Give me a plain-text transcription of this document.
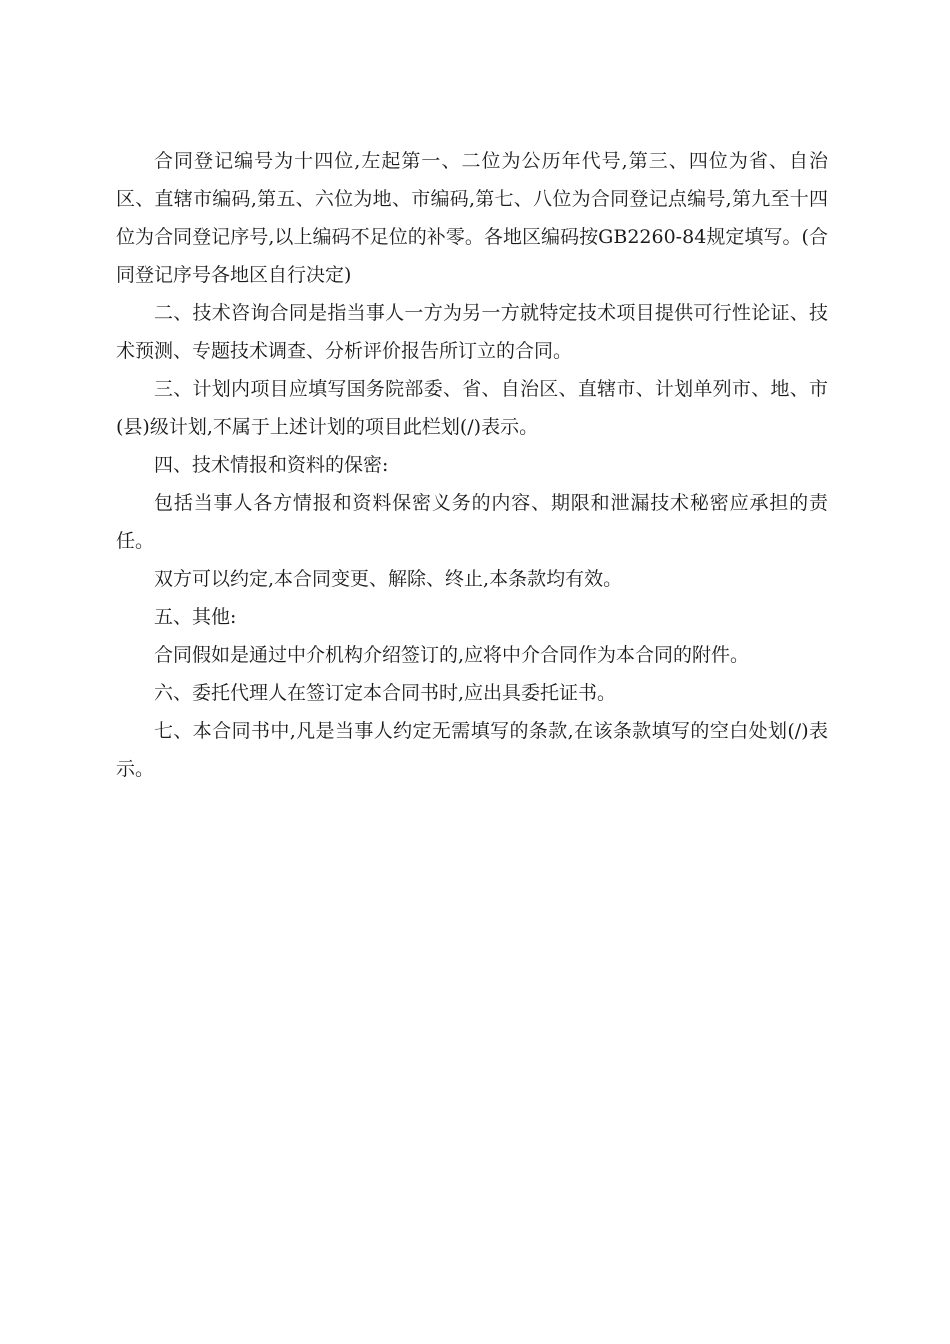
合同登记编号为十四位,左起第一、二位为公历年代号,第三、四位为省、自治区、直辖市编码,第五、六位为地、市编码,第七、八位为合同登记点编号,第九至十四位为合同登记序号,以上编码不足位的补零。各地区编码按GB2260-84规定填写。(合同登记序号各地区自行决定)

二、技术咨询合同是指当事人一方为另一方就特定技术项目提供可行性论证、技术预测、专题技术调查、分析评价报告所订立的合同。

三、计划内项目应填写国务院部委、省、自治区、直辖市、计划单列市、地、市(县)级计划,不属于上述计划的项目此栏划(/)表示。

四、技术情报和资料的保密:

包括当事人各方情报和资料保密义务的内容、期限和泄漏技术秘密应承担的责任。

双方可以约定,本合同变更、解除、终止,本条款均有效。

五、其他:

合同假如是通过中介机构介绍签订的,应将中介合同作为本合同的附件。

六、委托代理人在签订定本合同书时,应出具委托证书。

七、本合同书中,凡是当事人约定无需填写的条款,在该条款填写的空白处划(/)表示。
